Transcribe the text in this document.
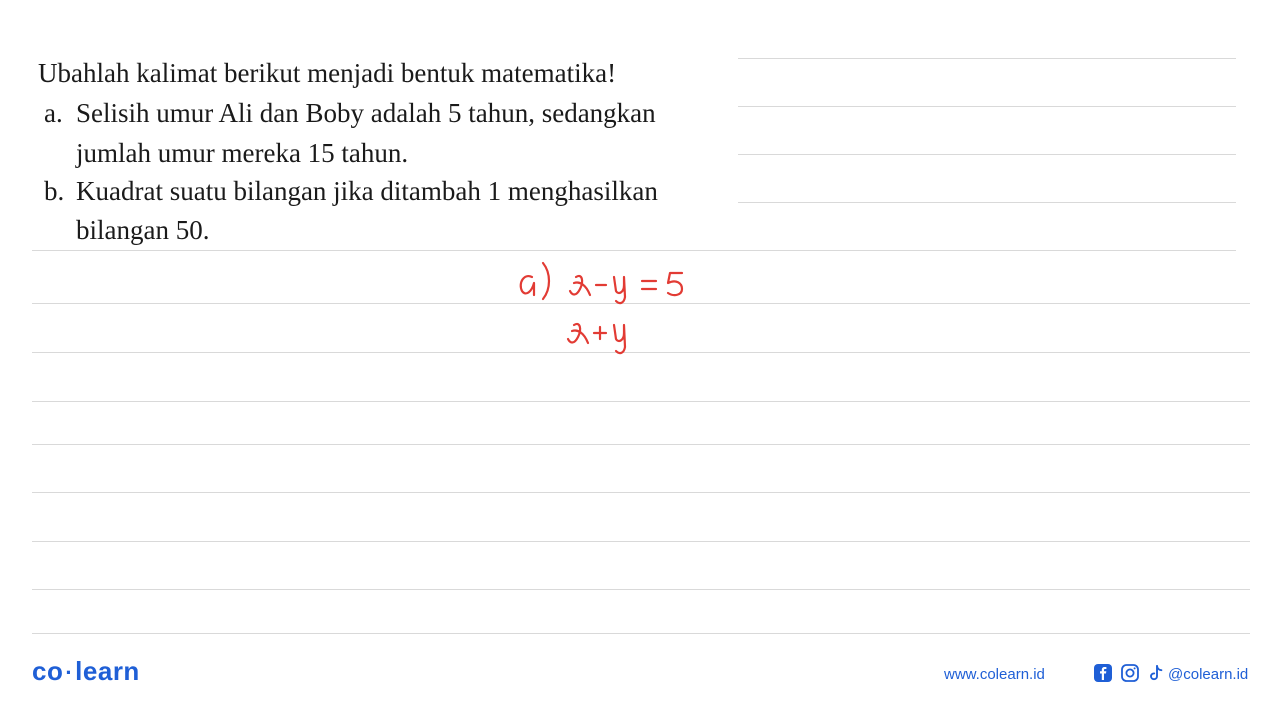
Ubahlah kalimat berikut menjadi bentuk matematika!
a. Selisih umur Ali dan Boby adalah 5 tahun, sedangkan
jumlah umur mereka 15 tahun.
b. Kuadrat suatu bilangan jika ditambah 1 menghasilkan
bilangan 50.
co·learn	www.colearn.id	@colearn.id
